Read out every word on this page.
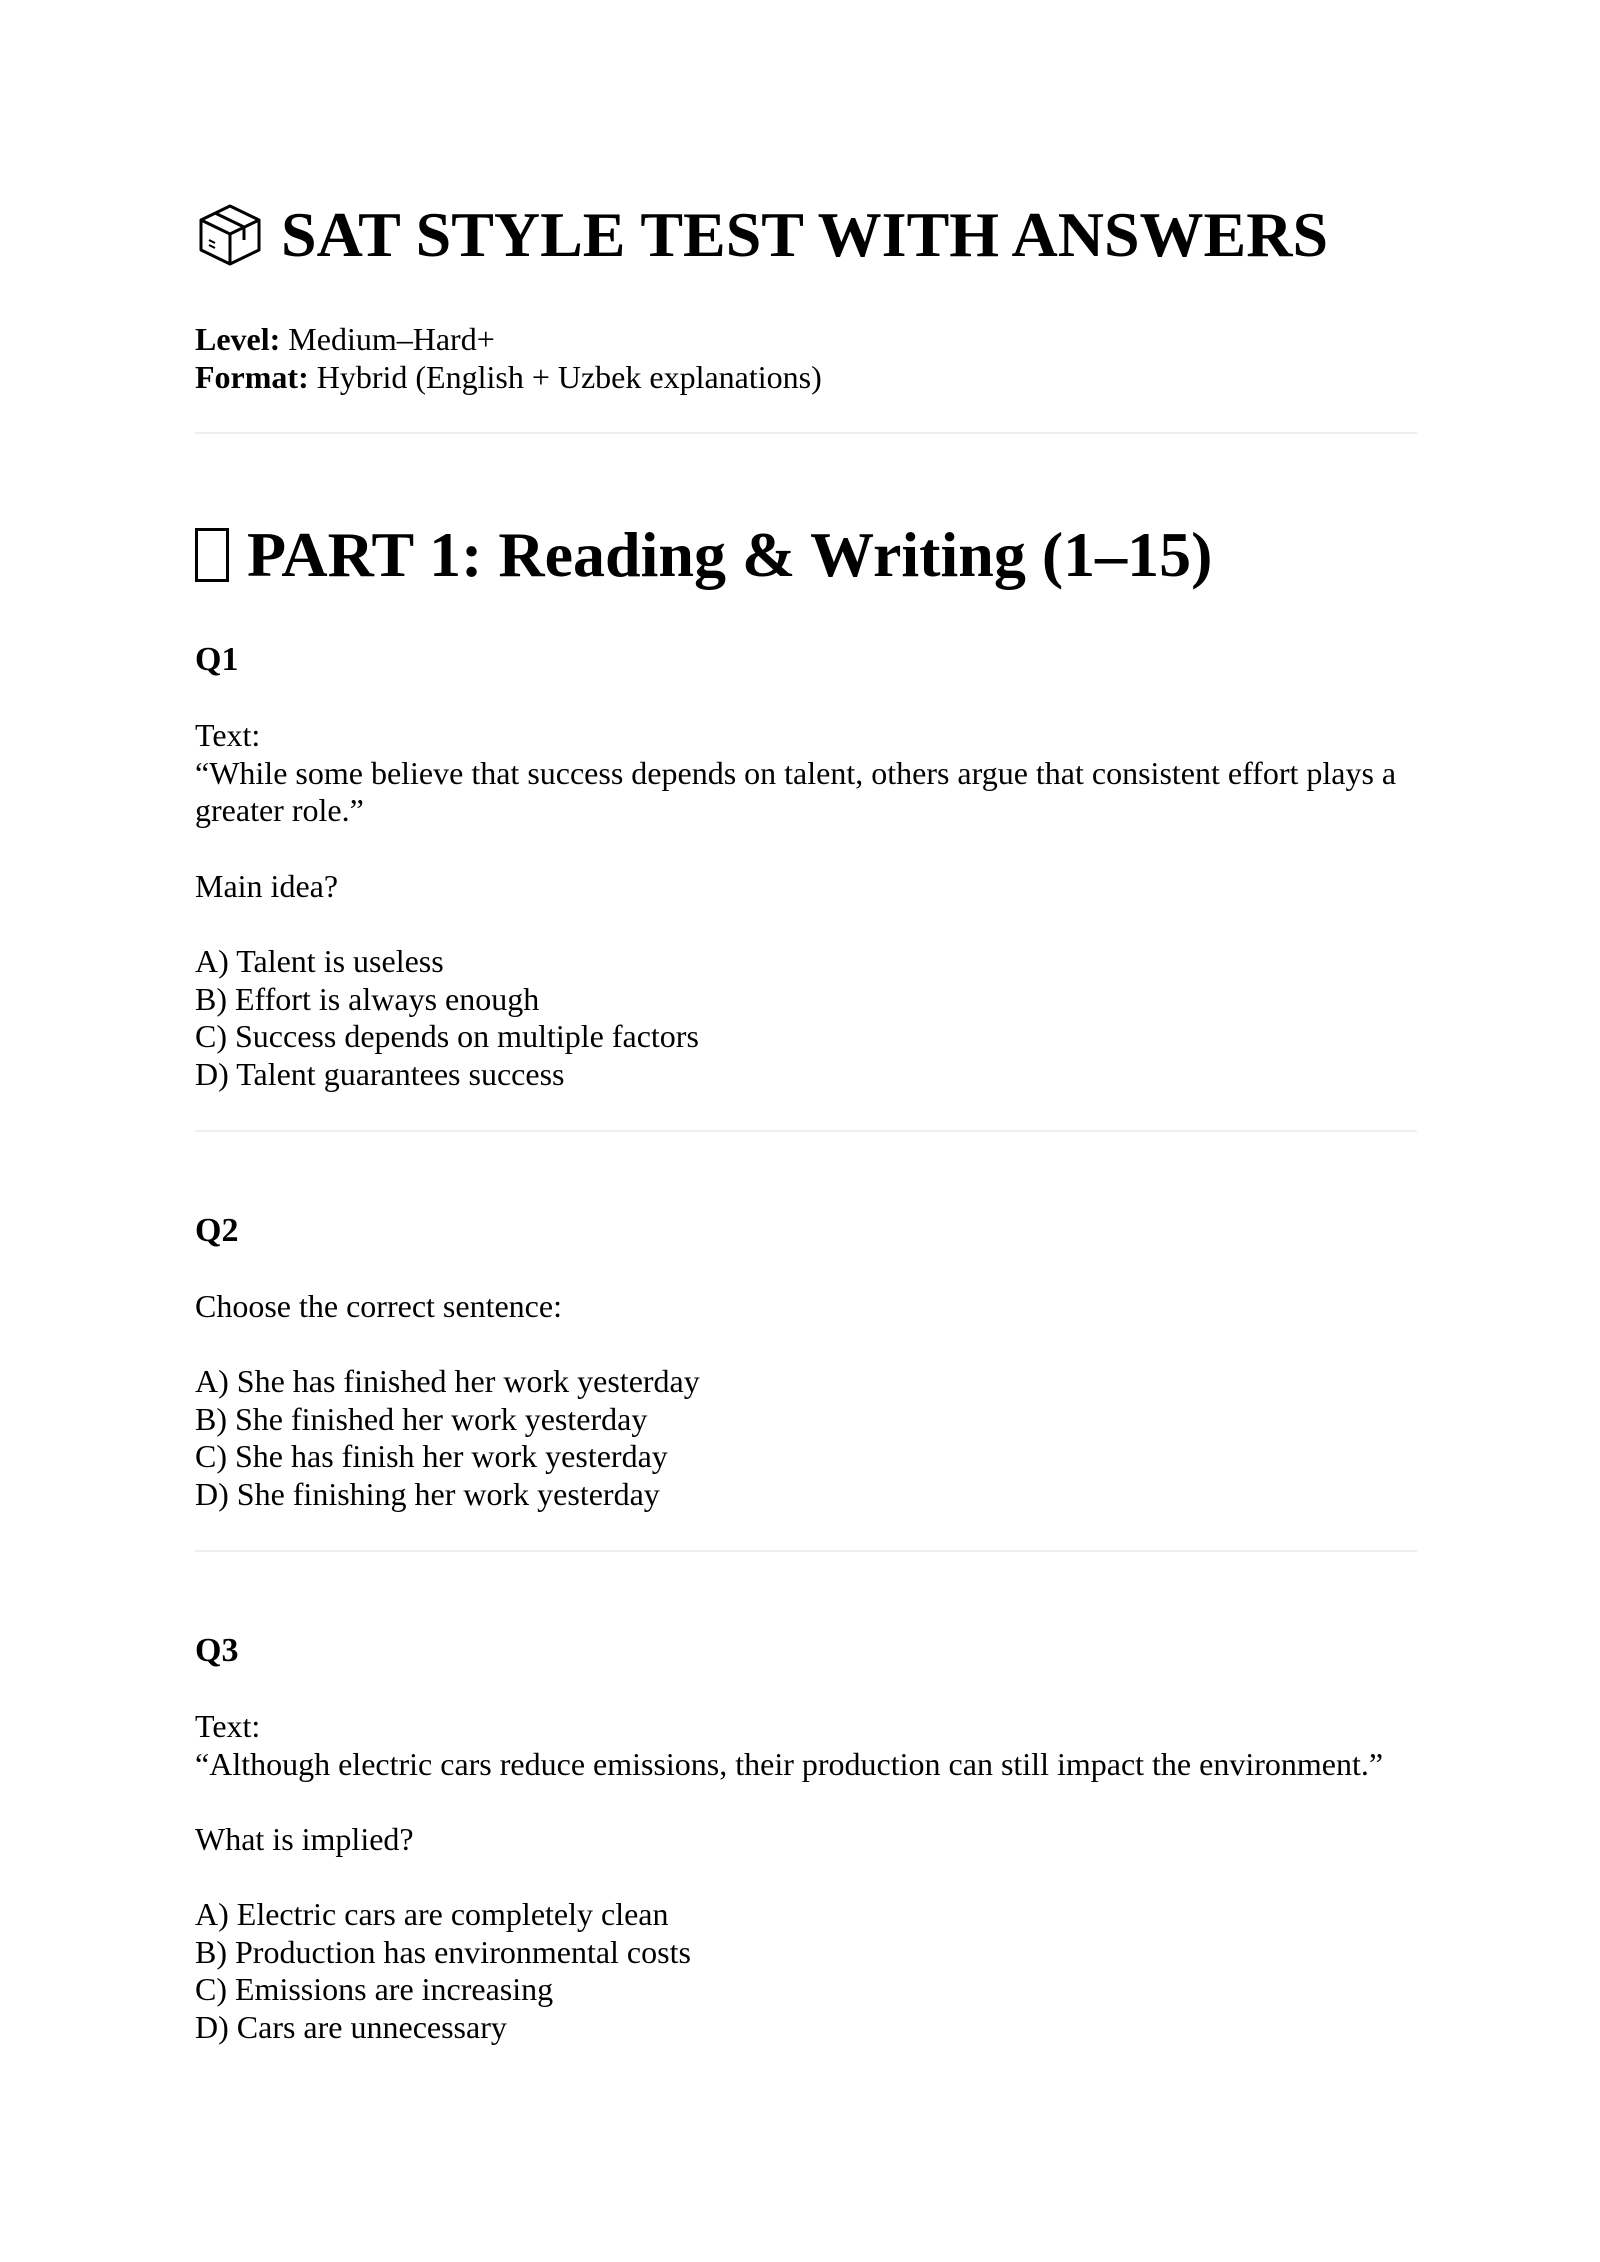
SAT STYLE TEST WITH ANSWERS
Level: Medium–Hard+
Format: Hybrid (English + Uzbek explanations)
PART 1: Reading & Writing (1–15)
Q1

Text:

“While some believe that success depends on talent, others argue that consistent effort plays a greater role.”

Main idea?
A) Talent is useless
B) Effort is always enough
C) Success depends on multiple factors
D) Talent guarantees success
Q2
Choose the correct sentence:
A) She has finished her work yesterday
B) She finished her work yesterday
C) She has finish her work yesterday
D) She finishing her work yesterday
Q3

Text:

“Although electric cars reduce emissions, their production can still impact the environment.”

What is implied?
A) Electric cars are completely clean
B) Production has environmental costs
C) Emissions are increasing
D) Cars are unnecessary
